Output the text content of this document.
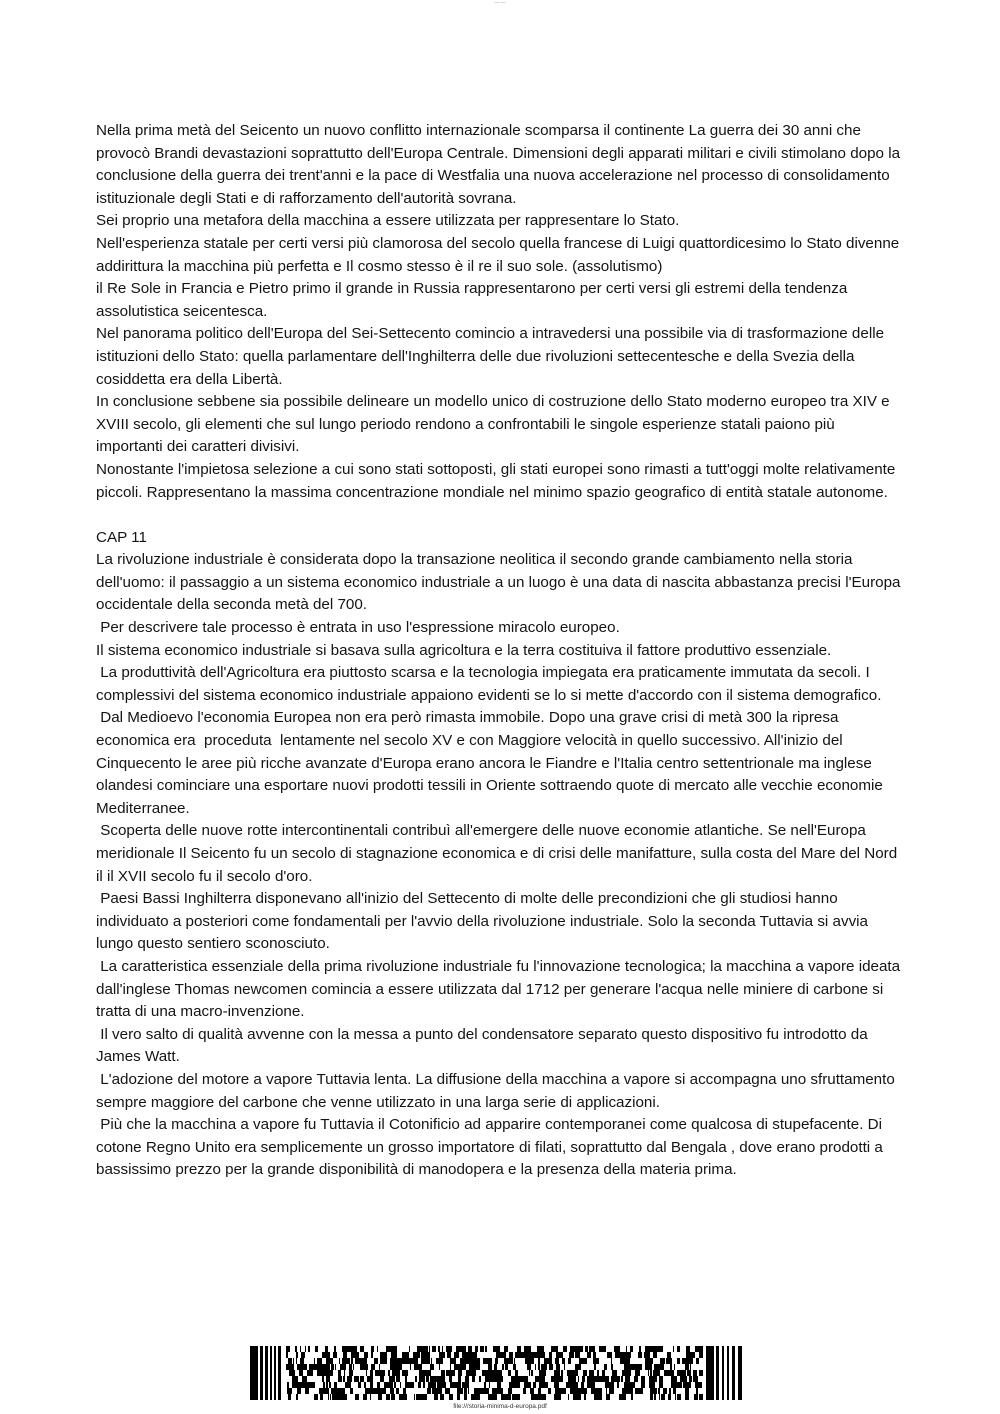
— —

Nella prima metà del Seicento un nuovo conflitto internazionale scomparsa il continente La guerra dei 30 anni che provocò Brandi devastazioni soprattutto dell'Europa Centrale. Dimensioni degli apparati militari e civili stimolano dopo la conclusione della guerra dei trent'anni e la pace di Westfalia una nuova accelerazione nel processo di consolidamento istituzionale degli Stati e di rafforzamento dell'autorità sovrana.

Sei proprio una metafora della macchina a essere utilizzata per rappresentare lo Stato.

Nell'esperienza statale per certi versi più clamorosa del secolo quella francese di Luigi quattordicesimo lo Stato divenne addirittura la macchina più perfetta e Il cosmo stesso è il re il suo sole. (assolutismo)

il Re Sole in Francia e Pietro primo il grande in Russia rappresentarono per certi versi gli estremi della tendenza assolutistica seicentesca.

Nel panorama politico dell'Europa del Sei-Settecento comincio a intravedersi una possibile via di trasformazione delle istituzioni dello Stato: quella parlamentare dell'Inghilterra delle due rivoluzioni settecentesche e della Svezia della cosiddetta era della Libertà.

In conclusione sebbene sia possibile delineare un modello unico di costruzione dello Stato moderno europeo tra XIV e XVIII secolo, gli elementi che sul lungo periodo rendono a confrontabili le singole esperienze statali paiono più importanti dei caratteri divisivi.

Nonostante l'impietosa selezione a cui sono stati sottoposti, gli stati europei sono rimasti a tutt'oggi molte relativamente piccoli. Rappresentano la massima concentrazione mondiale nel minimo spazio geografico di entità statale autonome.

CAP 11

La rivoluzione industriale è considerata dopo la transazione neolitica il secondo grande cambiamento nella storia dell'uomo: il passaggio a un sistema economico industriale a un luogo è una data di nascita abbastanza precisi l'Europa occidentale della seconda metà del 700.

Per descrivere tale processo è entrata in uso l'espressione miracolo europeo.

Il sistema economico industriale si basava sulla agricoltura e la terra costituiva il fattore produttivo essenziale.

La produttività dell'Agricoltura era piuttosto scarsa e la tecnologia impiegata era praticamente immutata da secoli. I complessivi del sistema economico industriale appaiono evidenti se lo si mette d'accordo con il sistema demografico.

Dal Medioevo l'economia Europea non era però rimasta immobile. Dopo una grave crisi di metà 300 la ripresa economica era  proceduta  lentamente nel secolo XV e con Maggiore velocità in quello successivo. All'inizio del Cinquecento le aree più ricche avanzate d'Europa erano ancora le Fiandre e l'Italia centro settentrionale ma inglese olandesi cominciare una esportare nuovi prodotti tessili in Oriente sottraendo quote di mercato alle vecchie economie Mediterranee.

Scoperta delle nuove rotte intercontinentali contribuì all'emergere delle nuove economie atlantiche. Se nell'Europa meridionale Il Seicento fu un secolo di stagnazione economica e di crisi delle manifatture, sulla costa del Mare del Nord il il XVII secolo fu il secolo d'oro.

Paesi Bassi Inghilterra disponevano all'inizio del Settecento di molte delle precondizioni che gli studiosi hanno individuato a posteriori come fondamentali per l'avvio della rivoluzione industriale. Solo la seconda Tuttavia si avvia lungo questo sentiero sconosciuto.

La caratteristica essenziale della prima rivoluzione industriale fu l'innovazione tecnologica; la macchina a vapore ideata dall'inglese Thomas newcomen comincia a essere utilizzata dal 1712 per generare l'acqua nelle miniere di carbone si tratta di una macro-invenzione.

Il vero salto di qualità avvenne con la messa a punto del condensatore separato questo dispositivo fu introdotto da James Watt.

L'adozione del motore a vapore Tuttavia lenta. La diffusione della macchina a vapore si accompagna uno sfruttamento sempre maggiore del carbone che venne utilizzato in una larga serie di applicazioni.

Più che la macchina a vapore fu Tuttavia il Cotonificio ad apparire contemporanei come qualcosa di stupefacente. Di cotone Regno Unito era semplicemente un grosso importatore di filati, soprattutto dal Bengala , dove erano prodotti a bassissimo prezzo per la grande disponibilità di manodopera e la presenza della materia prima.

file:///storia-minima-d-europa.pdf
